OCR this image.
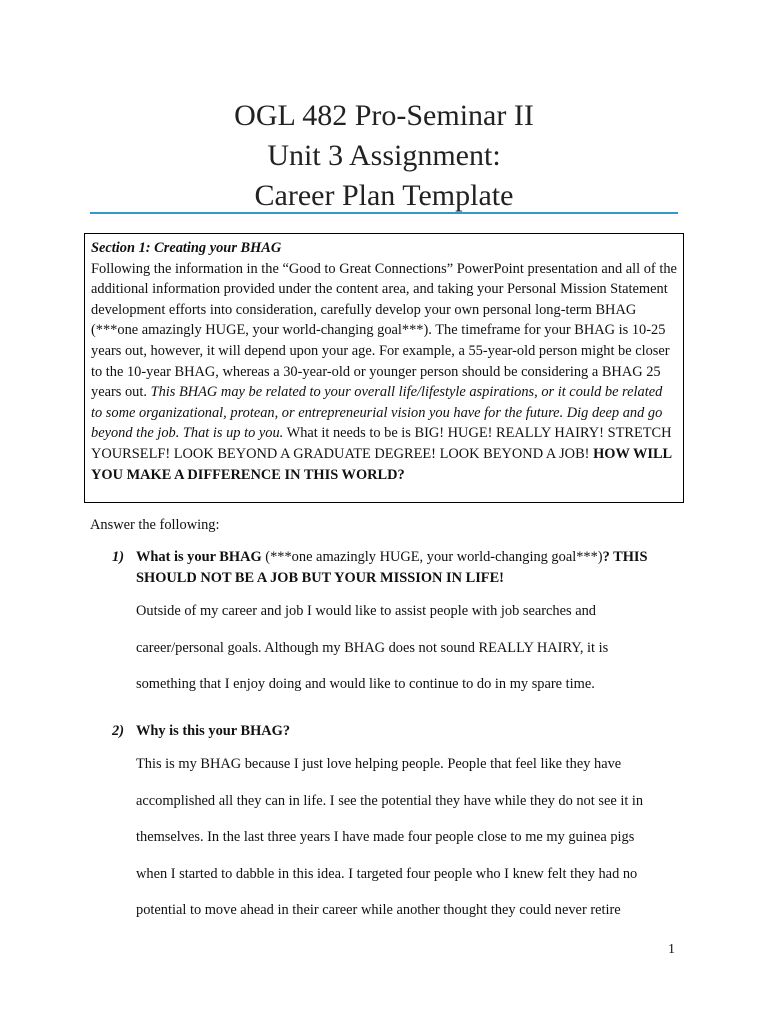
OGL 482 Pro-Seminar II
Unit 3 Assignment:
Career Plan Template

Section 1: Creating your BHAG

Following the information in the “Good to Great Connections” PowerPoint presentation and all of the additional information provided under the content area, and taking your Personal Mission Statement development efforts into consideration, carefully develop your own personal long-term BHAG (***one amazingly HUGE, your world-changing goal***). The timeframe for your BHAG is 10-25 years out, however, it will depend upon your age. For example, a 55-year-old person might be closer to the 10-year BHAG, whereas a 30-year-old or younger person should be considering a BHAG 25 years out. This BHAG may be related to your overall life/lifestyle aspirations, or it could be related to some organizational, protean, or entrepreneurial vision you have for the future. Dig deep and go beyond the job. That is up to you. What it needs to be is BIG! HUGE! REALLY HAIRY! STRETCH YOURSELF! LOOK BEYOND A GRADUATE DEGREE! LOOK BEYOND A JOB! HOW WILL YOU MAKE A DIFFERENCE IN THIS WORLD?

Answer the following:
1) What is your BHAG (***one amazingly HUGE, your world-changing goal***)? THIS SHOULD NOT BE A JOB BUT YOUR MISSION IN LIFE!

Outside of my career and job I would like to assist people with job searches and

career/personal goals. Although my BHAG does not sound REALLY HAIRY, it is

something that I enjoy doing and would like to continue to do in my spare time.

2) Why is this your BHAG?

This is my BHAG because I just love helping people. People that feel like they have

accomplished all they can in life. I see the potential they have while they do not see it in

themselves. In the last three years I have made four people close to me my guinea pigs

when I started to dabble in this idea. I targeted four people who I knew felt they had no

potential to move ahead in their career while another thought they could never retire

1
